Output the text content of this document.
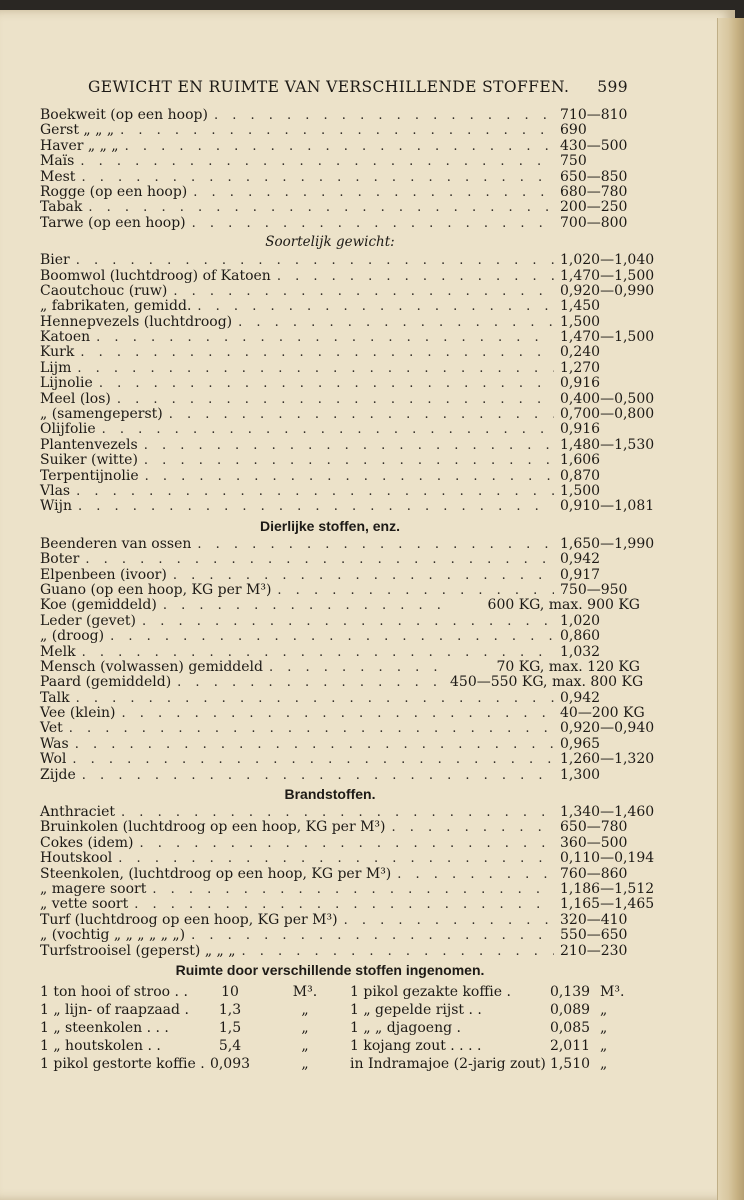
GEWICHT EN RUIMTE VAN VERSCHILLENDE STOFFEN. 599
Boekweit (op een hoop) . . .	710—810
Gerst „ „ „ . . .	690
Haver „ „ „ . . .	430—500
Maïs . . .	750
Mest . . .	650—850
Rogge (op een hoop) . . .	680—780
Tabak . . .	200—250
Tarwe (op een hoop) . . .	700—800
Soortelijk gewicht:
Bier . . .	1,020—1,040
Boomwol (luchtdroog) of Katoen . . .	1,470—1,500
Caoutchouc (ruw) . . .	0,920—0,990
„ fabrikaten, gemidd. . . .	1,450
Hennepvezels (luchtdroog) . . .	1,500
Katoen . . .	1,470—1,500
Kurk . . .	0,240
Lijm . . .	1,270
Lijnolie . . .	0,916
Meel (los) . . .	0,400—0,500
„ (samengeperst) . . .	0,700—0,800
Olijfolie . . .	0,916
Plantenvezels . . .	1,480—1,530
Suiker (witte) . . .	1,606
Terpentijnolie . . .	0,870
Vlas . . .	1,500
Wijn . . .	0,910—1,081
Dierlijke stoffen, enz.
Beenderen van ossen . . .	1,650—1,990
Boter . . .	0,942
Elpenbeen (ivoor) . . .	0,917
Guano (op een hoop, KG per M³) . . .	750—950
Koe (gemiddeld) . . .	600 KG, max. 900 KG
Leder (gevet) . . .	1,020
„ (droog) . . .	0,860
Melk . . .	1,032
Mensch (volwassen) gemiddeld . . .	70 KG, max. 120 KG
Paard (gemiddeld) . . .	450—550 KG, max. 800 KG
Talk . . .	0,942
Vee (klein) . . .	40—200 KG
Vet . . .	0,920—0,940
Was . . .	0,965
Wol . . .	1,260—1,320
Zijde . . .	1,300
Brandstoffen.
Anthraciet . . .	1,340—1,460
Bruinkolen (luchtdroog op een hoop, KG per M³) . . .	650—780
Cokes (idem) . . .	360—500
Houtskool . . .	0,110—0,194
Steenkolen, (luchtdroog op een hoop, KG per M³) . . .	760—860
„ magere soort . . .	1,186—1,512
„ vette soort . . .	1,165—1,465
Turf (luchtdroog op een hoop, KG per M³) . . .	320—410
„ (vochtig „ „ „ „ „ „) . . .	550—650
Turfstrooisel (geperst) „ „ „ . . .	210—230
Ruimte door verschillende stoffen ingenomen.
1 ton hooi of stroo . .	10	M³.	1 pikol gezakte koffie .	0,139 M³.
1 „ lijn- of raapzaad .	1,3	„	1 „ gepelde rijst . .	0,089 „
1 „ steenkolen . . .	1,5	„	1 „ „ djagoeng .	0,085 „
1 „ houtskolen . .	5,4	„	1 kojang zout . . . .	2,011 „
1 pikol gestorte koffie . 0,093	„	in Indramajoe (2-jarig zout) 1,510 „
